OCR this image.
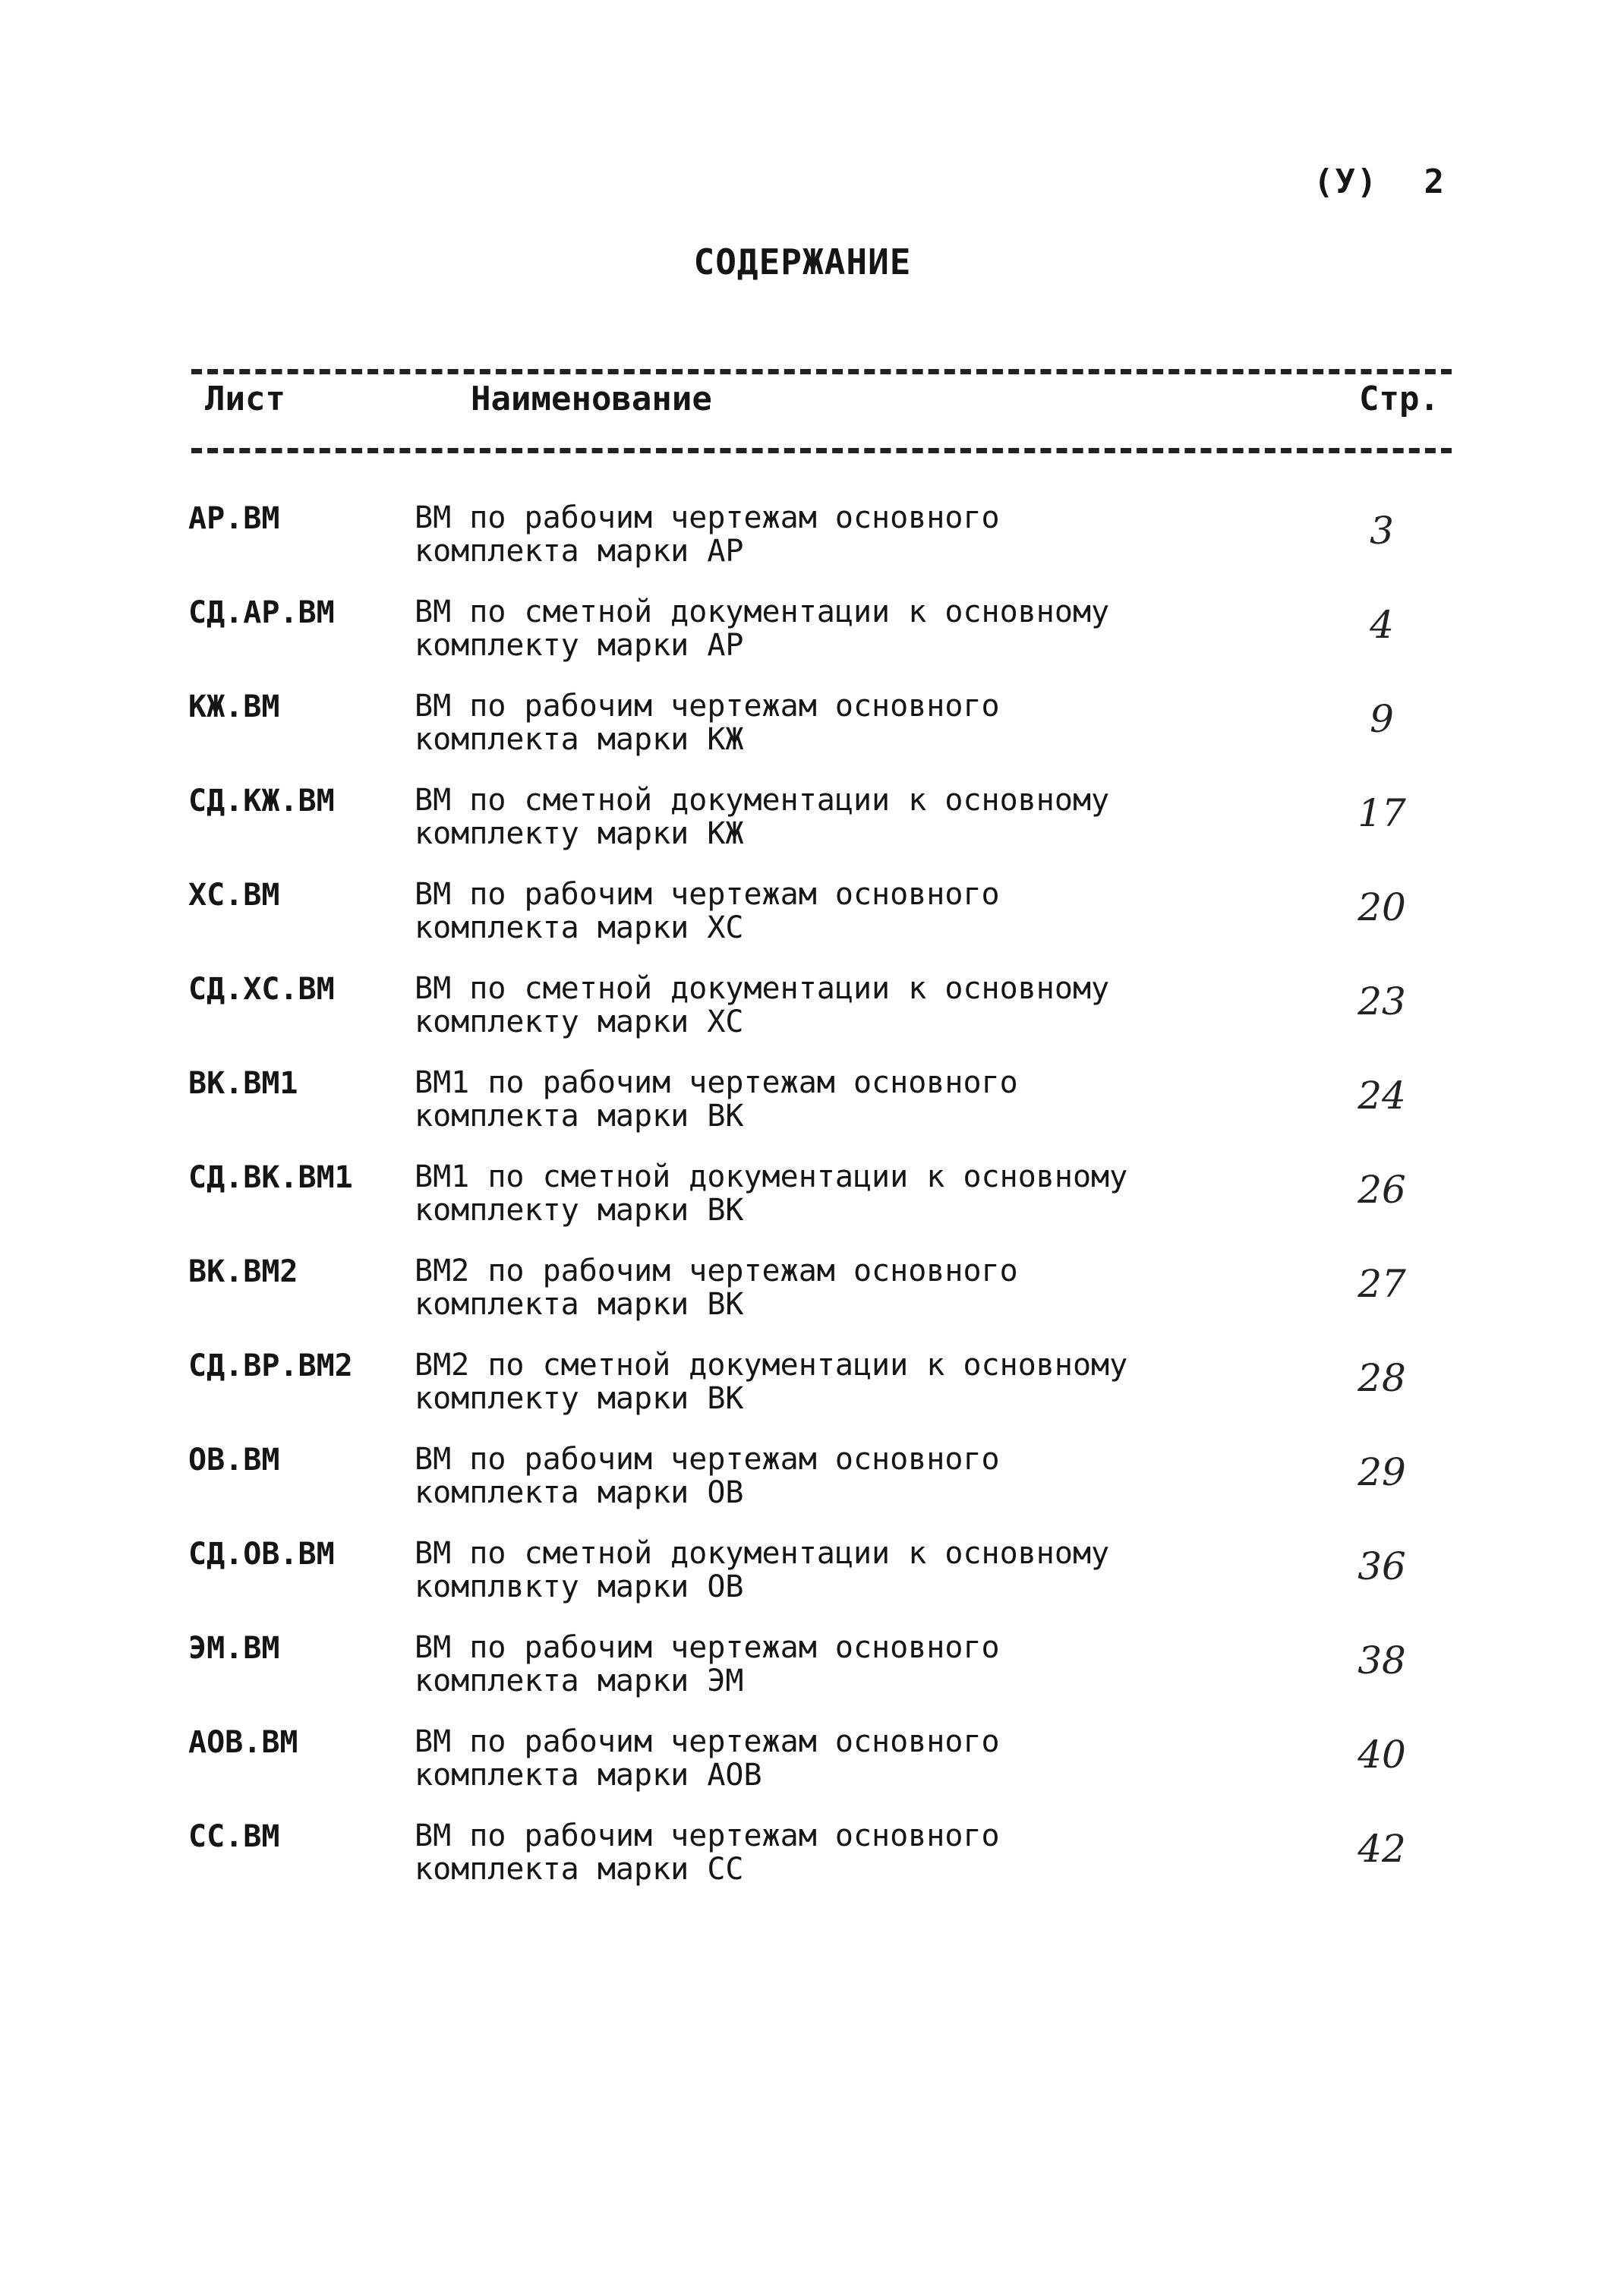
(У) 2
СОДЕРЖАНИЕ
Лист	Наименование	Стр.
АР.ВМ	ВМ по рабочим чертежам основного
комплекта марки АР	3
СД.АР.ВМ	ВМ по сметной документации к основному
комплекту марки АР	4
КЖ.ВМ	ВМ по рабочим чертежам основного
комплекта марки КЖ	9
СД.КЖ.ВМ	ВМ по сметной документации к основному
комплекту марки КЖ	17
ХС.ВМ	ВМ по рабочим чертежам основного
комплекта марки ХС	20
СД.ХС.ВМ	ВМ по сметной документации к основному
комплекту марки ХС	23
ВК.ВМ1	ВМ1 по рабочим чертежам основного
комплекта марки ВК	24
СД.ВК.ВМ1 ВМ1 по сметной документации к основному
комплекту марки ВК	26
ВК.ВМ2	ВМ2 по рабочим чертежам основного
комплекта марки ВК	27
СД.ВР.ВМ2 ВМ2 по сметной документации к основному
комплекту марки ВК	28
ОВ.ВМ	ВМ по рабочим чертежам основного
комплекта марки ОВ	29
СД.ОВ.ВМ	ВМ по сметной документации к основному
комплвкту марки ОВ	36
ЭМ.ВМ	ВМ по рабочим чертежам основного
комплекта марки ЭМ	38
АОВ.ВМ	ВМ по рабочим чертежам основного
комплекта марки АОВ	40
СС.ВМ	ВМ по рабочим чертежам основного
комплекта марки СС	42
